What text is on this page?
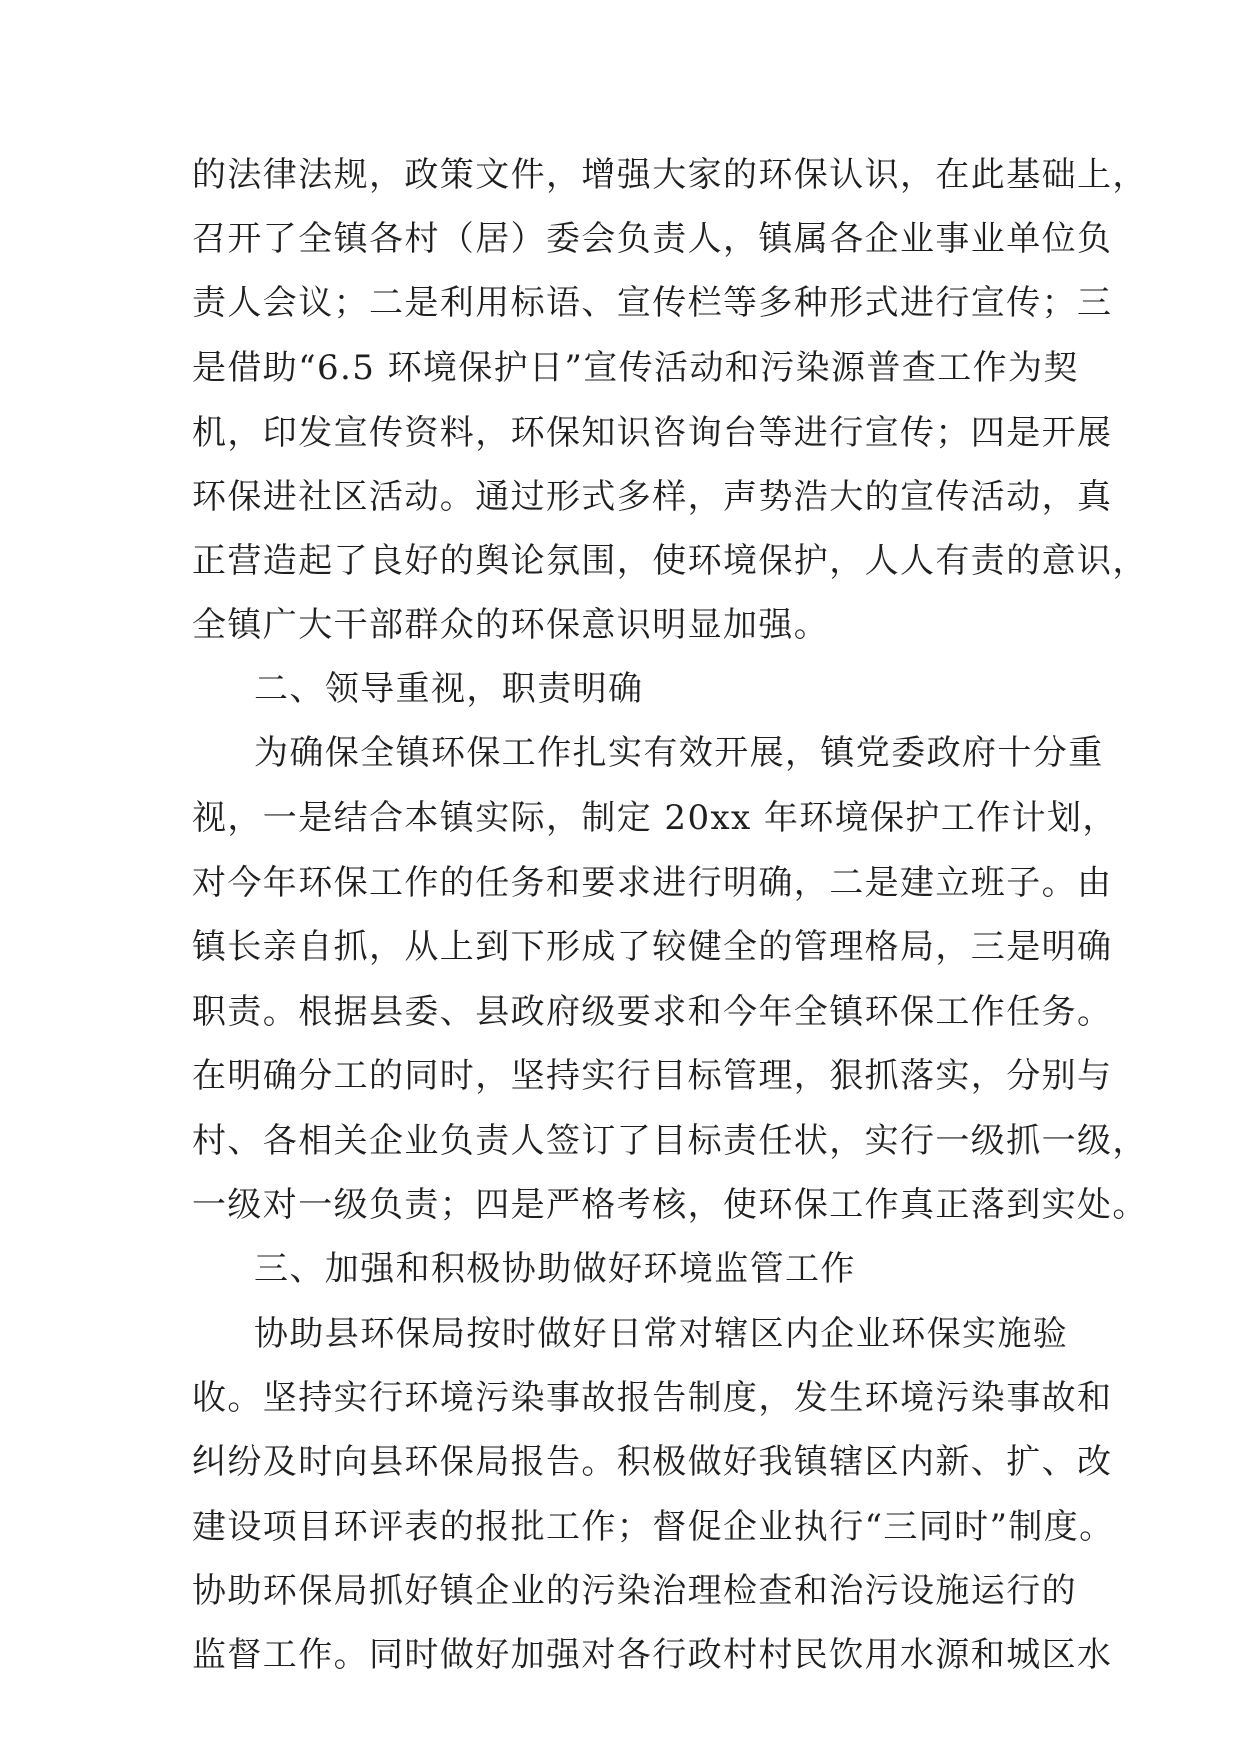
的法律法规，政策文件，增强大家的环保认识，在此基础上，
召开了全镇各村（居）委会负责人，镇属各企业事业单位负
责人会议；二是利用标语、宣传栏等多种形式进行宣传；三
是借助“6.5 环境保护日”宣传活动和污染源普查工作为契
机，印发宣传资料，环保知识咨询台等进行宣传；四是开展
环保进社区活动。通过形式多样，声势浩大的宣传活动，真
正营造起了良好的舆论氛围，使环境保护，人人有责的意识，
全镇广大干部群众的环保意识明显加强。
二、领导重视，职责明确
为确保全镇环保工作扎实有效开展，镇党委政府十分重
视，一是结合本镇实际，制定 20xx 年环境保护工作计划，
对今年环保工作的任务和要求进行明确，二是建立班子。由
镇长亲自抓，从上到下形成了较健全的管理格局，三是明确
职责。根据县委、县政府级要求和今年全镇环保工作任务。
在明确分工的同时，坚持实行目标管理，狠抓落实，分别与
村、各相关企业负责人签订了目标责任状，实行一级抓一级，
一级对一级负责；四是严格考核，使环保工作真正落到实处。
三、加强和积极协助做好环境监管工作
协助县环保局按时做好日常对辖区内企业环保实施验
收。坚持实行环境污染事故报告制度，发生环境污染事故和
纠纷及时向县环保局报告。积极做好我镇辖区内新、扩、改
建设项目环评表的报批工作；督促企业执行“三同时”制度。
协助环保局抓好镇企业的污染治理检查和治污设施运行的
监督工作。同时做好加强对各行政村村民饮用水源和城区水
